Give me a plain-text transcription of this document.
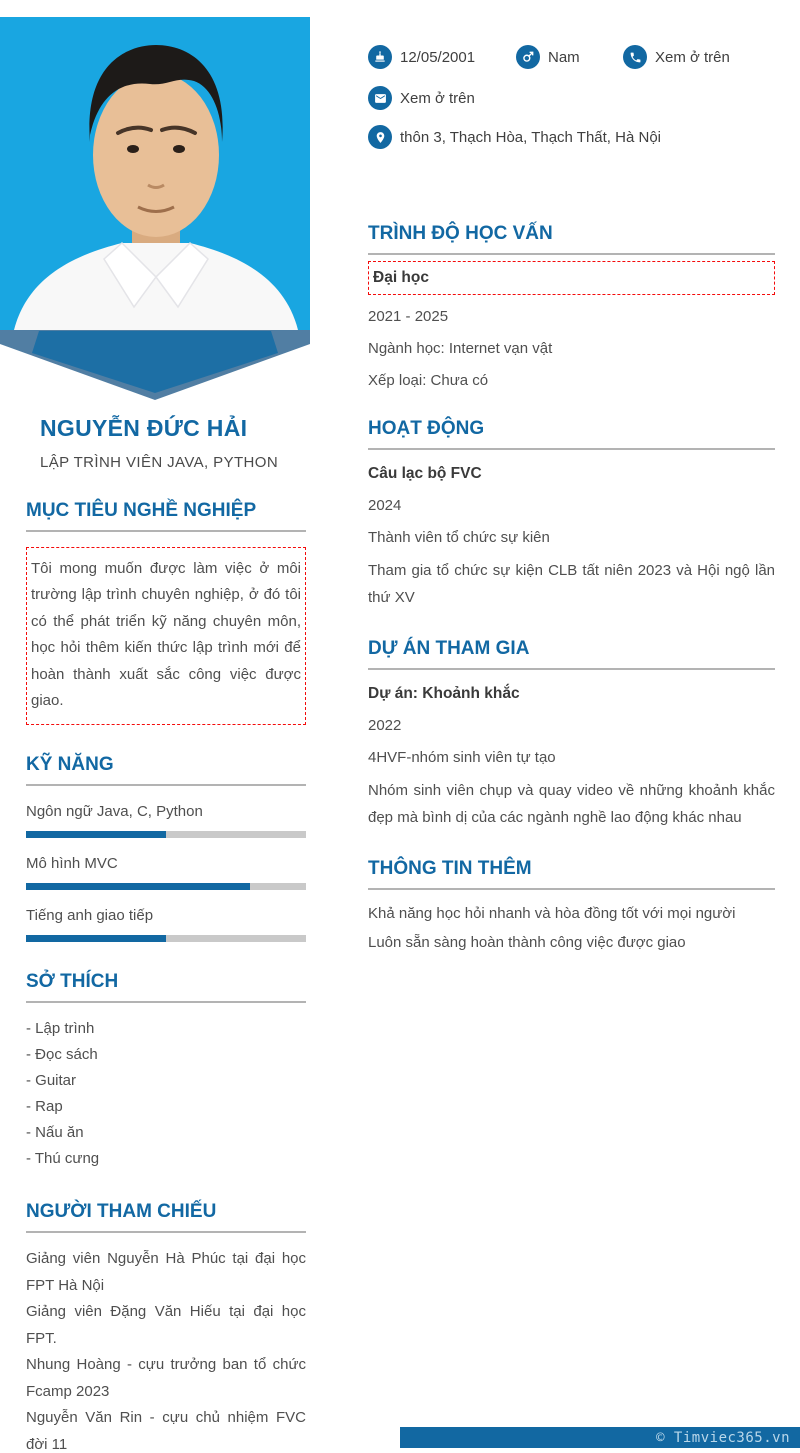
NGUYỄN ĐỨC HẢI
LẬP TRÌNH VIÊN JAVA, PYTHON
MỤC TIÊU NGHỀ NGHIỆP
Tôi mong muốn được làm việc ở môi trường lập trình chuyên nghiệp, ở đó tôi có thể phát triển kỹ năng chuyên môn, học hỏi thêm kiến thức lập trình mới để hoàn thành xuất sắc công việc được giao.
KỸ NĂNG
Ngôn ngữ Java, C, Python
Mô hình MVC
Tiếng anh giao tiếp
SỞ THÍCH
- Lập trình
- Đọc sách
- Guitar
- Rap
- Nấu ăn
- Thú cưng
NGƯỜI THAM CHIẾU

Giảng viên Nguyễn Hà Phúc tại đại học FPT Hà Nội

Giảng viên Đặng Văn Hiếu tại đại học FPT.

Nhung Hoàng - cựu trưởng ban tổ chức Fcamp 2023

Nguyễn Văn Rin - cựu chủ nhiệm FVC đời 11

12/05/2001	Nam	Xem ở trên
Xem ở trên
thôn 3, Thạch Hòa, Thạch Thất, Hà Nội
TRÌNH ĐỘ HỌC VẤN
Đại học

2021 - 2025

Ngành học: Internet vạn vật

Xếp loại: Chưa có

HOẠT ĐỘNG

Câu lạc bộ FVC

2024

Thành viên tổ chức sự kiên

Tham gia tổ chức sự kiện CLB tất niên 2023 và Hội ngộ lần thứ XV

DỰ ÁN THAM GIA

Dự án: Khoảnh khắc

2022

4HVF-nhóm sinh viên tự tạo

Nhóm sinh viên chụp và quay video về những khoảnh khắc đẹp mà bình dị của các ngành nghề lao động khác nhau

THÔNG TIN THÊM

Khả năng học hỏi nhanh và hòa đồng tốt với mọi người

Luôn sẵn sàng hoàn thành công việc được giao

© Timviec365.vn
